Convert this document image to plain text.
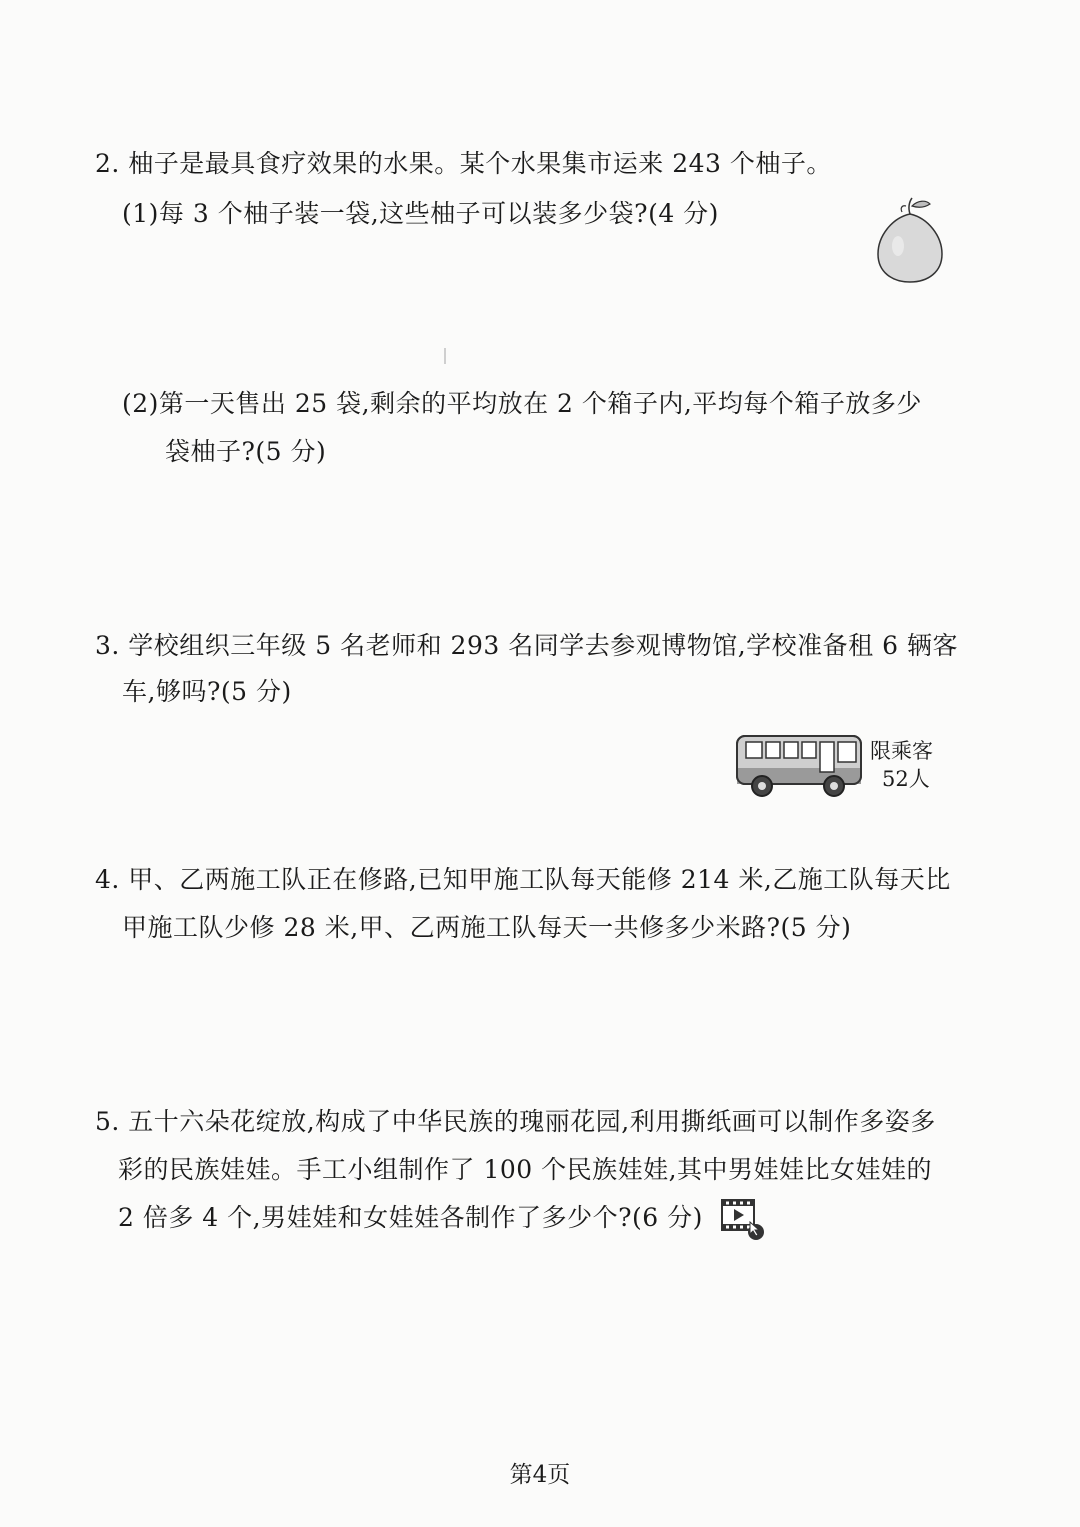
2. 柚子是最具食疗效果的水果。某个水果集市运来 243 个柚子。
(1)每 3 个柚子装一袋,这些柚子可以装多少袋?(4 分)
(2)第一天售出 25 袋,剩余的平均放在 2 个箱子内,平均每个箱子放多少
袋柚子?(5 分)
3. 学校组织三年级 5 名老师和 293 名同学去参观博物馆,学校准备租 6 辆客
车,够吗?(5 分)
限乘客
52人
4. 甲、乙两施工队正在修路,已知甲施工队每天能修 214 米,乙施工队每天比
甲施工队少修 28 米,甲、乙两施工队每天一共修多少米路?(5 分)
5. 五十六朵花绽放,构成了中华民族的瑰丽花园,利用撕纸画可以制作多姿多
彩的民族娃娃。手工小组制作了 100 个民族娃娃,其中男娃娃比女娃娃的
2 倍多 4 个,男娃娃和女娃娃各制作了多少个?(6 分)
第4页
